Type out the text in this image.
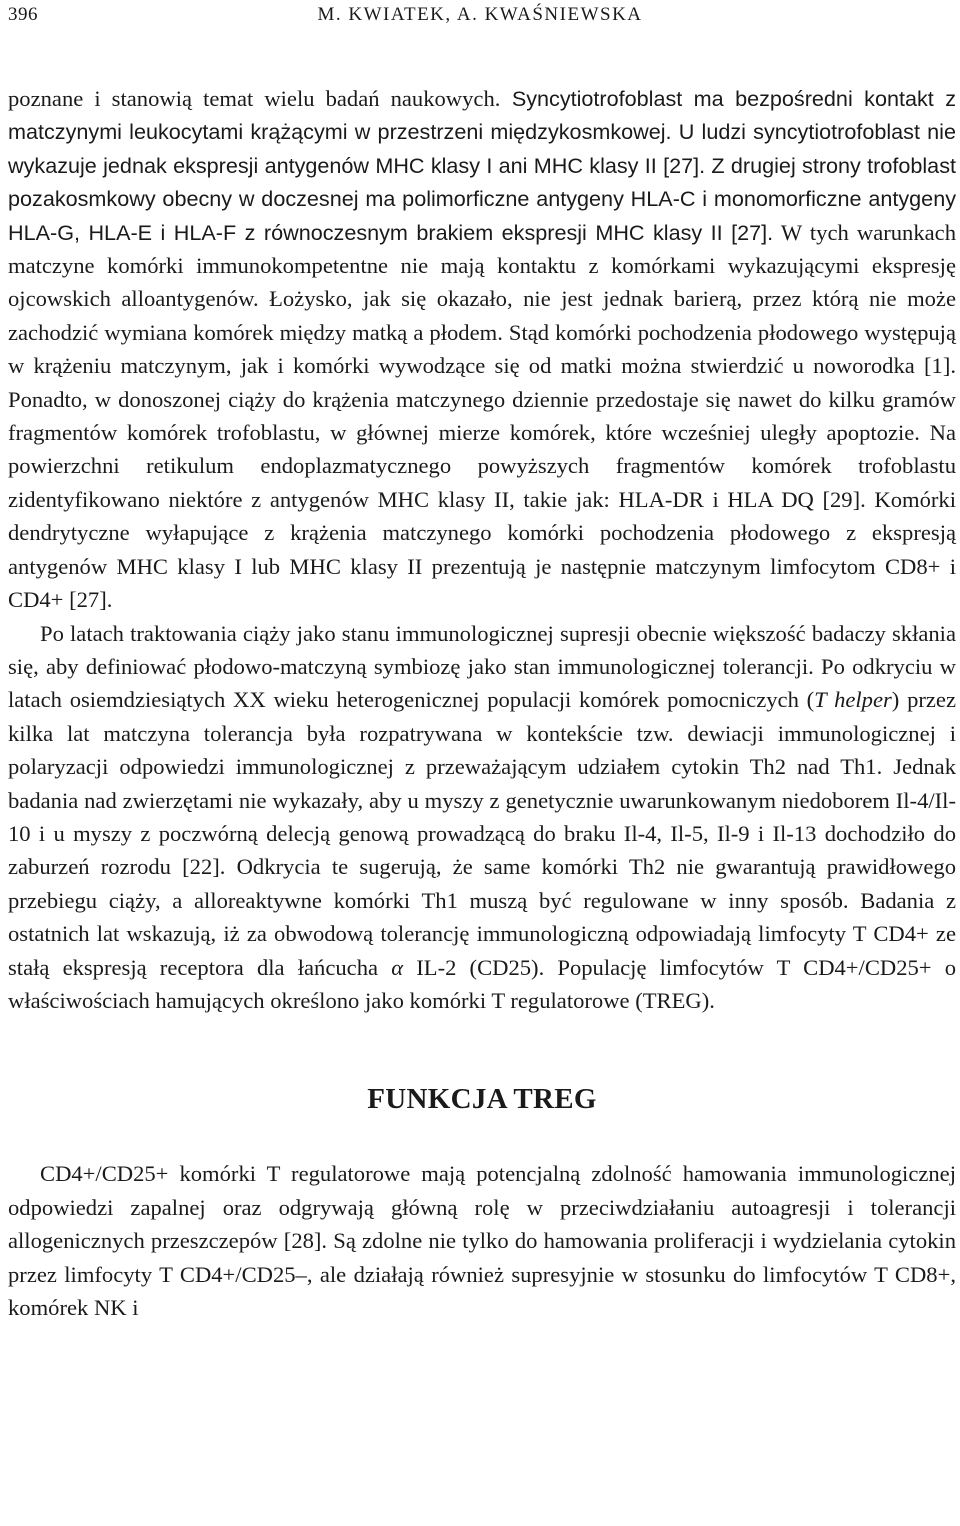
396	M. KWIATEK, A. KWAŚNIEWSKA

poznane i stanowią temat wielu badań naukowych. Syncytiotrofoblast ma bezpośredni kontakt z matczynymi leukocytami krążącymi w przestrzeni międzykosmkowej. U ludzi syncytiotrofoblast nie wykazuje jednak ekspresji antygenów MHC klasy I ani MHC klasy II [27]. Z drugiej strony trofoblast pozakosmkowy obecny w doczesnej ma polimorficzne antygeny HLA-C i monomorficzne antygeny HLA-G, HLA-E i HLA-F z równoczesnym brakiem ekspresji MHC klasy II [27]. W tych warunkach matczyne komórki immunokompetentne nie mają kontaktu z komórkami wykazującymi ekspresję ojcowskich alloantygenów. Łożysko, jak się okazało, nie jest jednak barierą, przez którą nie może zachodzić wymiana komórek między matką a płodem. Stąd komórki pochodzenia płodowego występują w krążeniu matczynym, jak i komórki wywodzące się od matki można stwierdzić u noworodka [1]. Ponadto, w donoszonej ciąży do krążenia matczynego dziennie przedostaje się nawet do kilku gramów fragmentów komórek trofoblastu, w głównej mierze komórek, które wcześniej uległy apoptozie. Na powierzchni retikulum endoplazmatycznego powyższych fragmentów komórek trofoblastu zidentyfikowano niektóre z antygenów MHC klasy II, takie jak: HLA-DR i HLA DQ [29]. Komórki dendrytyczne wyłapujące z krążenia matczynego komórki pochodzenia płodowego z ekspresją antygenów MHC klasy I lub MHC klasy II prezentują je następnie matczynym limfocytom CD8+ i CD4+ [27].

Po latach traktowania ciąży jako stanu immunologicznej supresji obecnie większość badaczy skłania się, aby definiować płodowo-matczyną symbiozę jako stan immunologicznej tolerancji. Po odkryciu w latach osiemdziesiątych XX wieku heterogenicznej populacji komórek pomocniczych (T helper) przez kilka lat matczyna tolerancja była rozpatrywana w kontekście tzw. dewiacji immunologicznej i polaryzacji odpowiedzi immunologicznej z przeważającym udziałem cytokin Th2 nad Th1. Jednak badania nad zwierzętami nie wykazały, aby u myszy z genetycznie uwarunkowanym niedoborem Il-4/Il-10 i u myszy z poczwórną delecją genową prowadzącą do braku Il-4, Il-5, Il-9 i Il-13 dochodziło do zaburzeń rozrodu [22]. Odkrycia te sugerują, że same komórki Th2 nie gwarantują prawidłowego przebiegu ciąży, a alloreaktywne komórki Th1 muszą być regulowane w inny sposób. Badania z ostatnich lat wskazują, iż za obwodową tolerancję immunologiczną odpowiadają limfocyty T CD4+ ze stałą ekspresją receptora dla łańcucha α IL-2 (CD25). Populację limfocytów T CD4+/CD25+ o właściwościach hamujących określono jako komórki T regulatorowe (TREG).

FUNKCJA TREG

CD4+/CD25+ komórki T regulatorowe mają potencjalną zdolność hamowania immunologicznej odpowiedzi zapalnej oraz odgrywają główną rolę w przeciwdziałaniu autoagresji i tolerancji allogenicznych przeszczepów [28]. Są zdolne nie tylko do hamowania proliferacji i wydzielania cytokin przez limfocyty T CD4+/CD25–, ale działają również supresyjnie w stosunku do limfocytów T CD8+, komórek NK i
